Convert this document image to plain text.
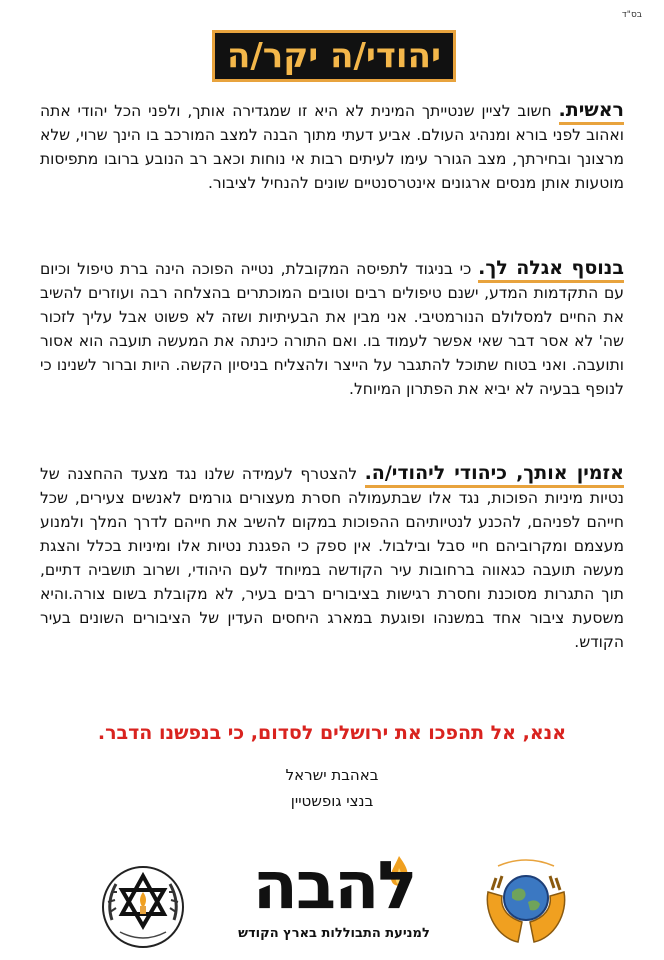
בס"ד
יהודי/ה יקר/ה
ראשית. חשוב לציין שנטייתך המינית לא היא זו שמגדירה אותך, ולפני הכל יהודי אתה ואהוב לפני בורא ומנהיג העולם. אביע דעתי מתוך הבנה למצב המורכב בו הינך שרוי, שלא מרצונך ובחירתך, מצב הגורר עימו לעיתים רבות אי נוחות וכאב רב הנובע ברובו מתפיסות מוטעות אותן מנסים ארגונים אינטרסנטיים שונים להנחיל לציבור.
בנוסף אגלה לך. כי בניגוד לתפיסה המקובלת, נטייה הפוכה הינה ברת טיפול וכיום עם התקדמות המדע, ישנם טיפולים רבים וטובים המוכתרים בהצלחה רבה ועוזרים להשיב את החיים למסלולם הנורמטיבי. אני מבין את הבעיתיות ושזה לא פשוט אבל עליך לזכור שה' לא אסר דבר שאי אפשר לעמוד בו. ואם התורה כינתה את המעשה תועבה הוא אסור ותועבה. ואני בטוח שתוכל להתגבר על הייצר ולהצליח בניסיון הקשה. היות וברור לשנינו כי לנופף בבעיה לא יביא את הפתרון המיוחל.
אזמין אותך, כיהודי ליהודי/ה. להצטרף לעמידה שלנו נגד מצעד ההחצנה של נטיות מיניות הפוכות, נגד אלו שבתעמולה חסרת מעצורים גורמים לאנשים צעירים, שכל חייהם לפניהם, להכנע לנטיותיהם ההפוכות במקום להשיב את חייהם לדרך המלך ולמנוע מעצמם ומקרוביהם חיי סבל ובילבול. אין ספק כי הפגנת נטיות אלו ומיניות בכלל והצגת מעשה תועבה כגאווה ברחובות עיר הקודשה במיוחד לעם היהודי, ושרוב תושביה דתיים, תוך התגרות מסוכנת וחסרת רגישות בציבורים רבים בעיר, לא מקובלת בשום צורה.והיא משסעת ציבור אחד במשנהו ופוגעת במארג היחסים העדין של הציבורים השונים בעיר הקודש.
אנא, אל תהפכו את ירושלים לסדום, כי בנפשנו הדבר.
באהבת ישראל
בנצי גופשטיין
להבה
למניעת התבוללות בארץ הקודש
